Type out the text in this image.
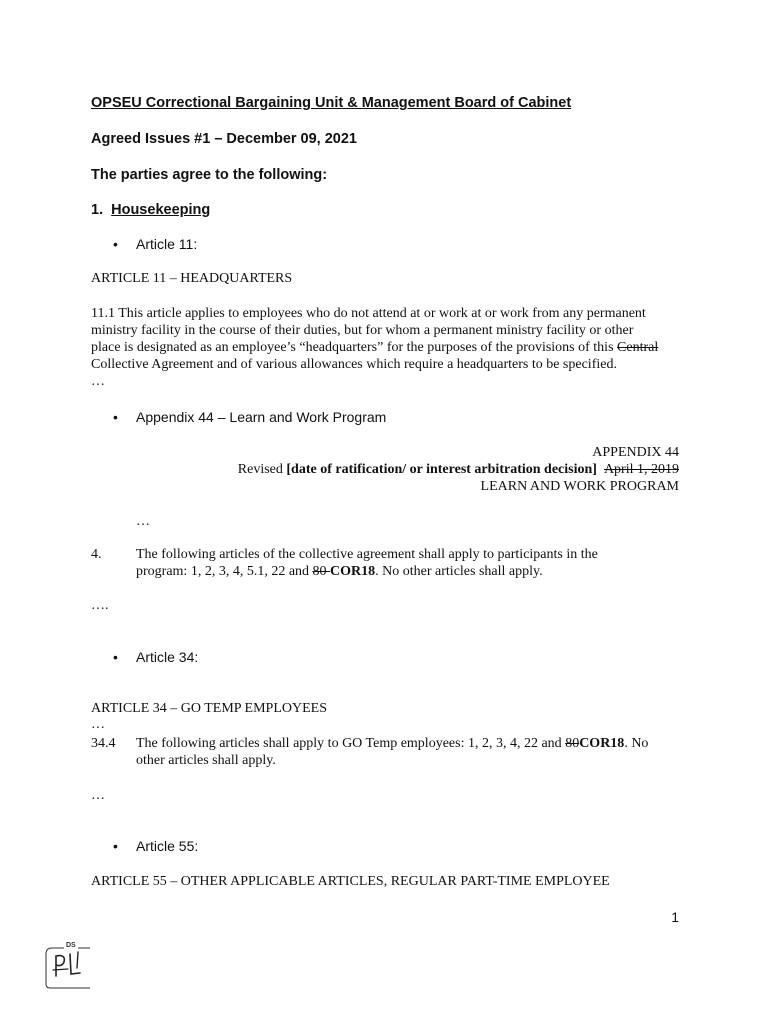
OPSEU Correctional Bargaining Unit & Management Board of Cabinet
Agreed Issues #1 – December 09, 2021
The parties agree to the following:
1. Housekeeping
• Article 11:
ARTICLE 11 – HEADQUARTERS
11.1 This article applies to employees who do not attend at or work at or work from any permanent
ministry facility in the course of their duties, but for whom a permanent ministry facility or other
place is designated as an employee’s “headquarters” for the purposes of the provisions of this Central
Collective Agreement and of various allowances which require a headquarters to be specified.
…
• Appendix 44 – Learn and Work Program
APPENDIX 44
Revised [date of ratification/ or interest arbitration decision] April 1, 2019
LEARN AND WORK PROGRAM
…
4. The following articles of the collective agreement shall apply to participants in the
program: 1, 2, 3, 4, 5.1, 22 and 80 COR18. No other articles shall apply.
….
• Article 34:
ARTICLE 34 – GO TEMP EMPLOYEES
…
34.4 The following articles shall apply to GO Temp employees: 1, 2, 3, 4, 22 and 80COR18. No
other articles shall apply.
…
• Article 55:
ARTICLE 55 – OTHER APPLICABLE ARTICLES, REGULAR PART-TIME EMPLOYEE
1
DS
